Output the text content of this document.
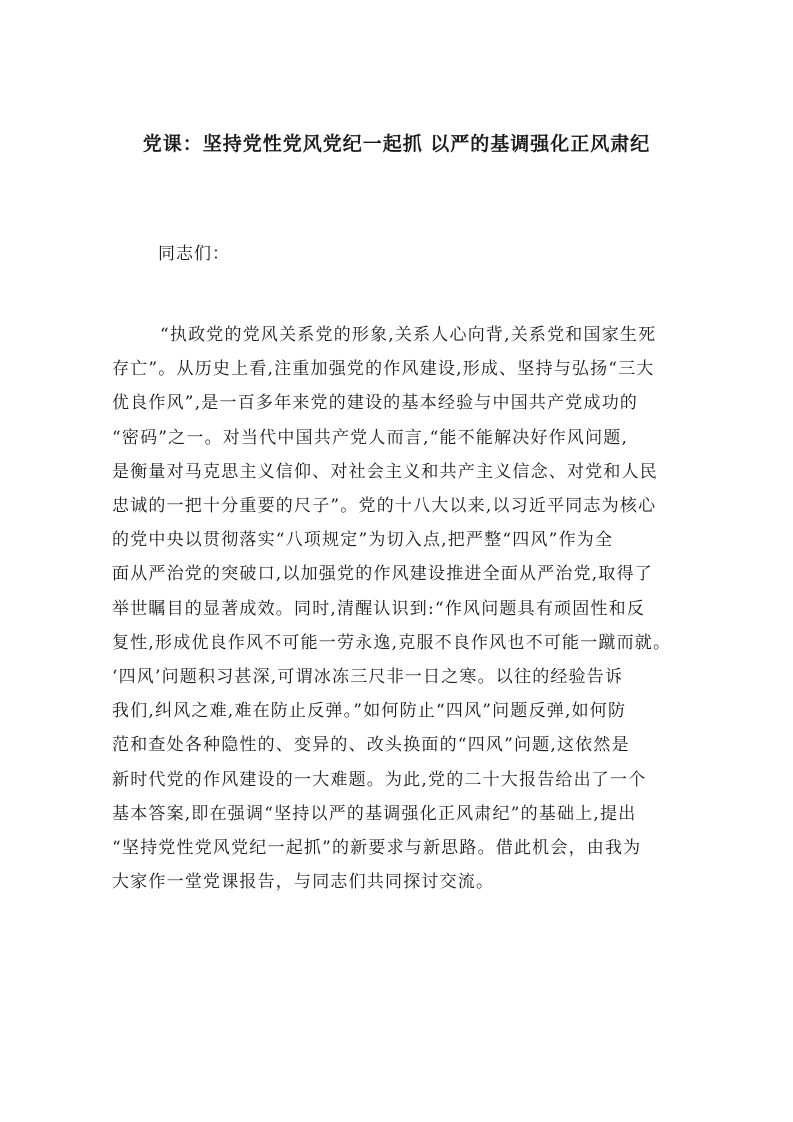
党课：坚持党性党风党纪一起抓 以严的基调强化正风肃纪
同志们：
“执政党的党风关系党的形象,关系人心向背,关系党和国家生死
存亡”。从历史上看,注重加强党的作风建设,形成、坚持与弘扬“三大
优良作风”,是一百多年来党的建设的基本经验与中国共产党成功的
“密码”之一。对当代中国共产党人而言,“能不能解决好作风问题,
是衡量对马克思主义信仰、对社会主义和共产主义信念、对党和人民
忠诚的一把十分重要的尺子”。党的十八大以来,以习近平同志为核心
的党中央以贯彻落实“八项规定”为切入点,把严整“四风”作为全
面从严治党的突破口,以加强党的作风建设推进全面从严治党,取得了
举世瞩目的显著成效。同时,清醒认识到:“作风问题具有顽固性和反
复性,形成优良作风不可能一劳永逸,克服不良作风也不可能一蹴而就。
‘四风’问题积习甚深,可谓冰冻三尺非一日之寒。以往的经验告诉
我们,纠风之难,难在防止反弹。”如何防止“四风”问题反弹,如何防
范和查处各种隐性的、变异的、改头换面的“四风”问题,这依然是
新时代党的作风建设的一大难题。为此,党的二十大报告给出了一个
基本答案,即在强调“坚持以严的基调强化正风肃纪”的基础上,提出
“坚持党性党风党纪一起抓”的新要求与新思路。借此机会，由我为
大家作一堂党课报告，与同志们共同探讨交流。
